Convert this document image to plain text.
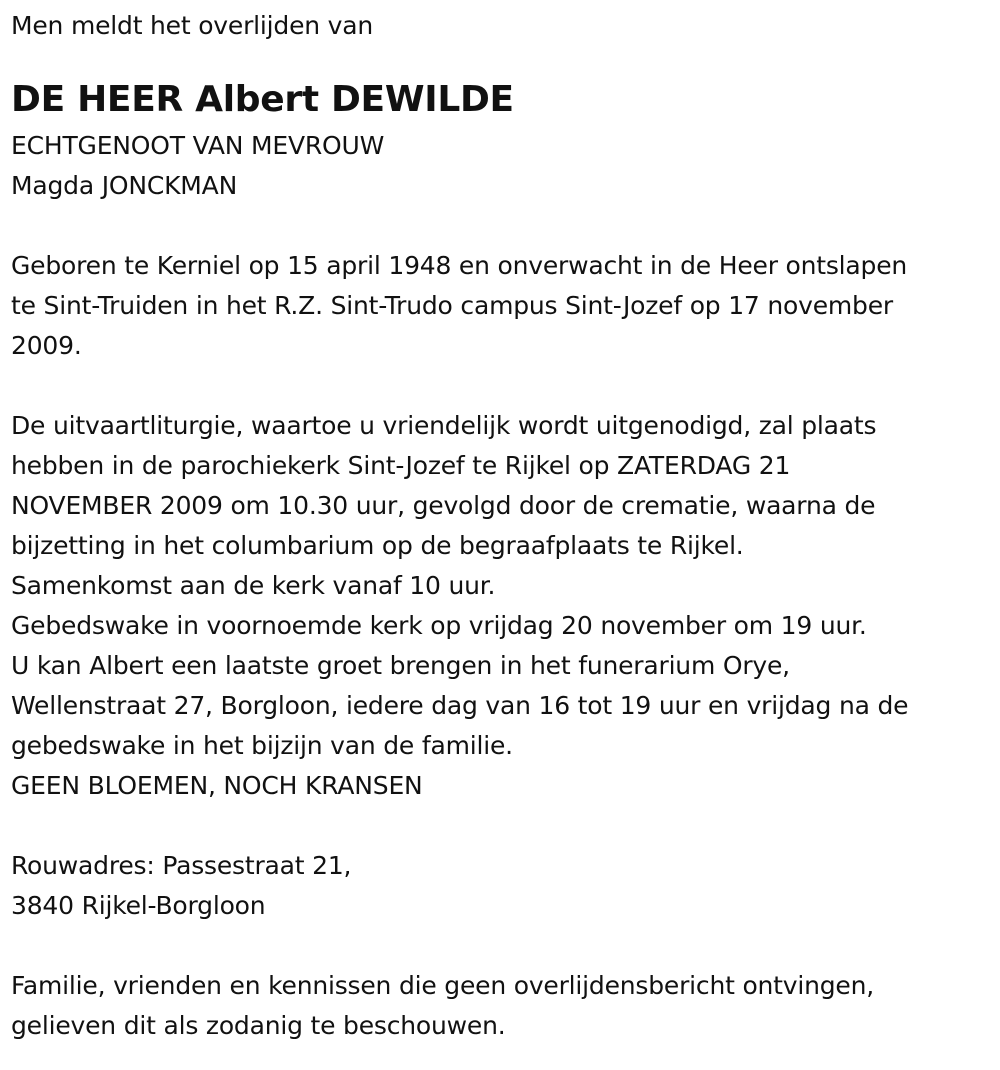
Men meldt het overlijden van
DE HEER Albert DEWILDE
ECHTGENOOT VAN MEVROUW
Magda JONCKMAN
Geboren te Kerniel op 15 april 1948 en onverwacht in de Heer ontslapen
te Sint-Truiden in het R.Z. Sint-Trudo campus Sint-Jozef op 17 november
2009.
De uitvaartliturgie, waartoe u vriendelijk wordt uitgenodigd, zal plaats
hebben in de parochiekerk Sint-Jozef te Rijkel op ZATERDAG 21
NOVEMBER 2009 om 10.30 uur, gevolgd door de crematie, waarna de
bijzetting in het columbarium op de begraafplaats te Rijkel.
Samenkomst aan de kerk vanaf 10 uur.
Gebedswake in voornoemde kerk op vrijdag 20 november om 19 uur.
U kan Albert een laatste groet brengen in het funerarium Orye,
Wellenstraat 27, Borgloon, iedere dag van 16 tot 19 uur en vrijdag na de
gebedswake in het bijzijn van de familie.
GEEN BLOEMEN, NOCH KRANSEN
Rouwadres: Passestraat 21,
3840 Rijkel-Borgloon
Familie, vrienden en kennissen die geen overlijdensbericht ontvingen,
gelieven dit als zodanig te beschouwen.
